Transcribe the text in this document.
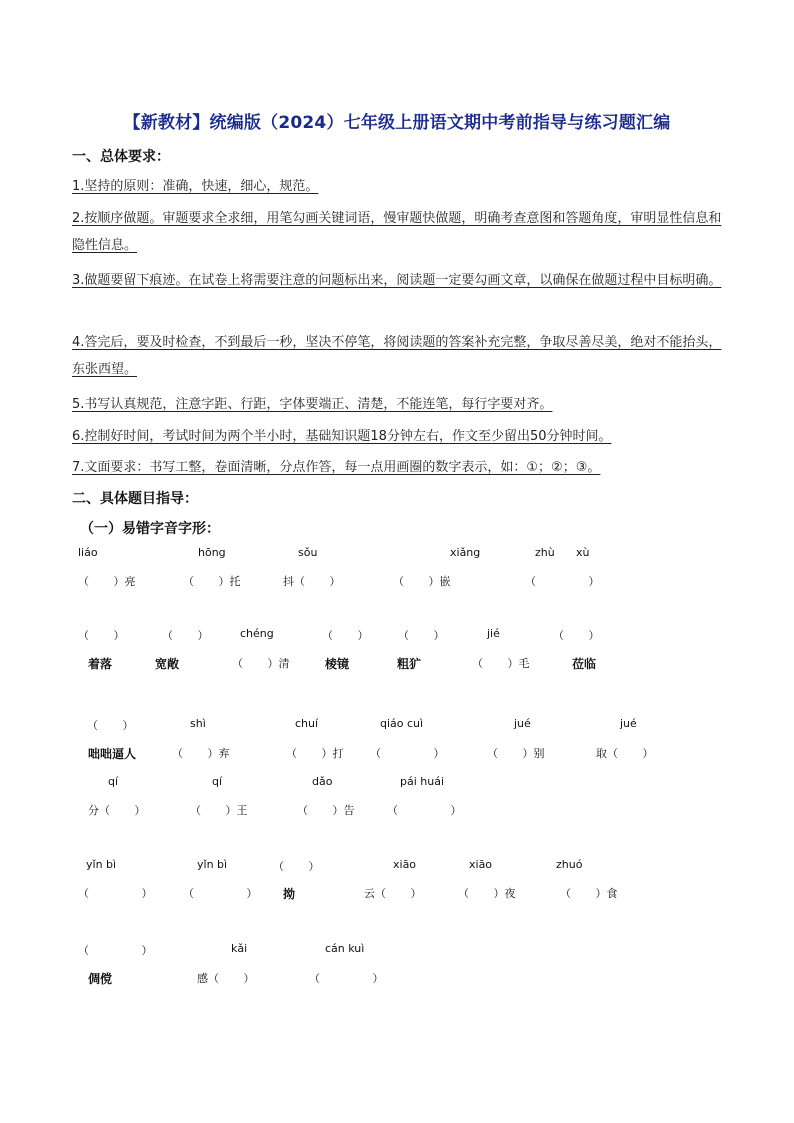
【新教材】统编版（2024）七年级上册语文期中考前指导与练习题汇编
一、总体要求：
1.坚持的原则：准确，快速，细心，规范。
2.按顺序做题。审题要求全求细，用笔勾画关键词语，慢审题快做题，明确考查意图和答题角度，审明显性信息和隐性信息。
3.做题要留下痕迹。在试卷上将需要注意的问题标出来，阅读题一定要勾画文章，以确保在做题过程中目标明确。
4.答完后，要及时检查，不到最后一秒，坚决不停笔，将阅读题的答案补充完整，争取尽善尽美，绝对不能抬头，东张西望。
5.书写认真规范，注意字距、行距，字体要端正、清楚，不能连笔，每行字要对齐。
6.控制好时间，考试时间为两个半小时，基础知识题18分钟左右，作文至少留出50分钟时间。
7.文面要求：书写工整，卷面清晰，分点作答，每一点用画圈的数字表示，如：①；②；③。
二、具体题目指导：
（一）易错字音字形：
liáo	hōng	sǒu	xiǎng	zhù xù
（       ）亮	（       ）托	抖（       ）	（       ）嵌	（               ）
（       ）	（       ）	chéng	（       ）	（       ）	jié	（       ）
着落	宽敞	（       ）清	棱镜	粗犷	（       ）毛	莅临
（       ）	shì	chuí	qiáo cuì	jué	jué
咄咄逼人	（       ）弃	（       ）打 （               ）	（       ）别	取（       ）
qí	qí	dǎo	pái huái
分（       ）	（       ）王	（       ）告	（               ）
yǐn bì	yǐn bì	（       ）	xiāo	xiāo	zhuó
（               ）	（               ） 拗	云（       ）	（       ）夜	（       ）食
（               ）	kǎi	cán kuì
倜傥	感（       ）	（               ）
